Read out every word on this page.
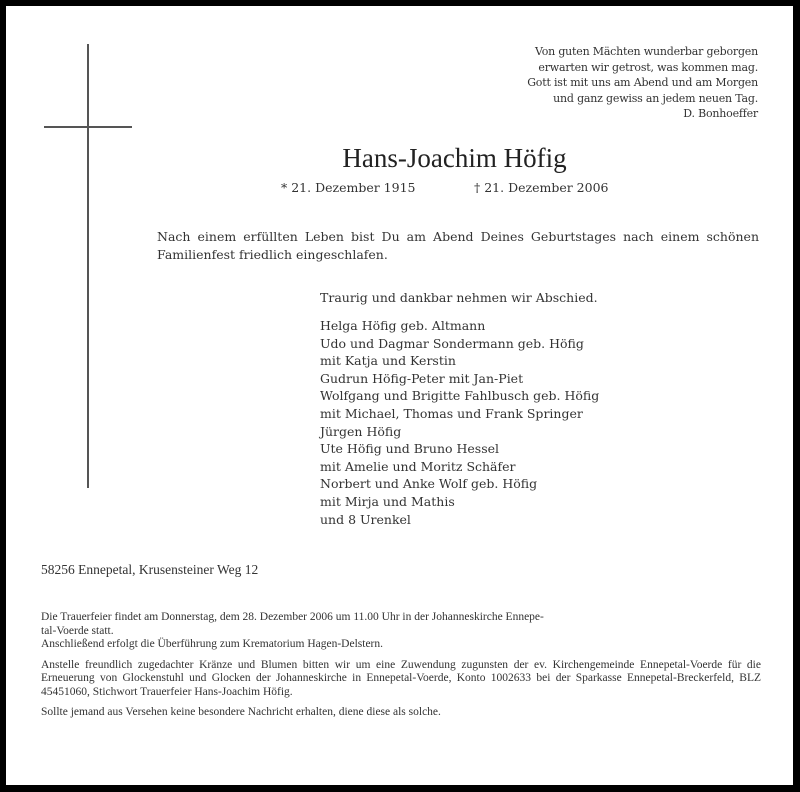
Von guten Mächten wunderbar geborgen
erwarten wir getrost, was kommen mag.
Gott ist mit uns am Abend und am Morgen
und ganz gewiss an jedem neuen Tag.
D. Bonhoeffer
Hans-Joachim Höfig
* 21. Dezember 1915	† 21. Dezember 2006
Nach einem erfüllten Leben bist Du am Abend Deines Geburtstages nach einem schönen Familienfest friedlich eingeschlafen.
Traurig und dankbar nehmen wir Abschied.
Helga Höfig geb. Altmann
Udo und Dagmar Sondermann geb. Höfig
mit Katja und Kerstin
Gudrun Höfig-Peter mit Jan-Piet
Wolfgang und Brigitte Fahlbusch geb. Höfig
mit Michael, Thomas und Frank Springer
Jürgen Höfig
Ute Höfig und Bruno Hessel
mit Amelie und Moritz Schäfer
Norbert und Anke Wolf geb. Höfig
mit Mirja und Mathis
und 8 Urenkel
58256 Ennepetal, Krusensteiner Weg 12

Die Trauerfeier findet am Donnerstag, dem 28. Dezember 2006 um 11.00 Uhr in der Johanneskirche Ennepe-
tal-Voerde statt.
Anschließend erfolgt die Überführung zum Krematorium Hagen-Delstern.

Anstelle freundlich zugedachter Kränze und Blumen bitten wir um eine Zuwendung zugunsten der ev. Kirchengemeinde Ennepetal-Voerde für die Erneuerung von Glockenstuhl und Glocken der Johanneskirche in Ennepetal-Voerde, Konto 1002633 bei der Sparkasse Ennepetal-Breckerfeld, BLZ 45451060, Stichwort Trauerfeier Hans-Joachim Höfig.

Sollte jemand aus Versehen keine besondere Nachricht erhalten, diene diese als solche.
